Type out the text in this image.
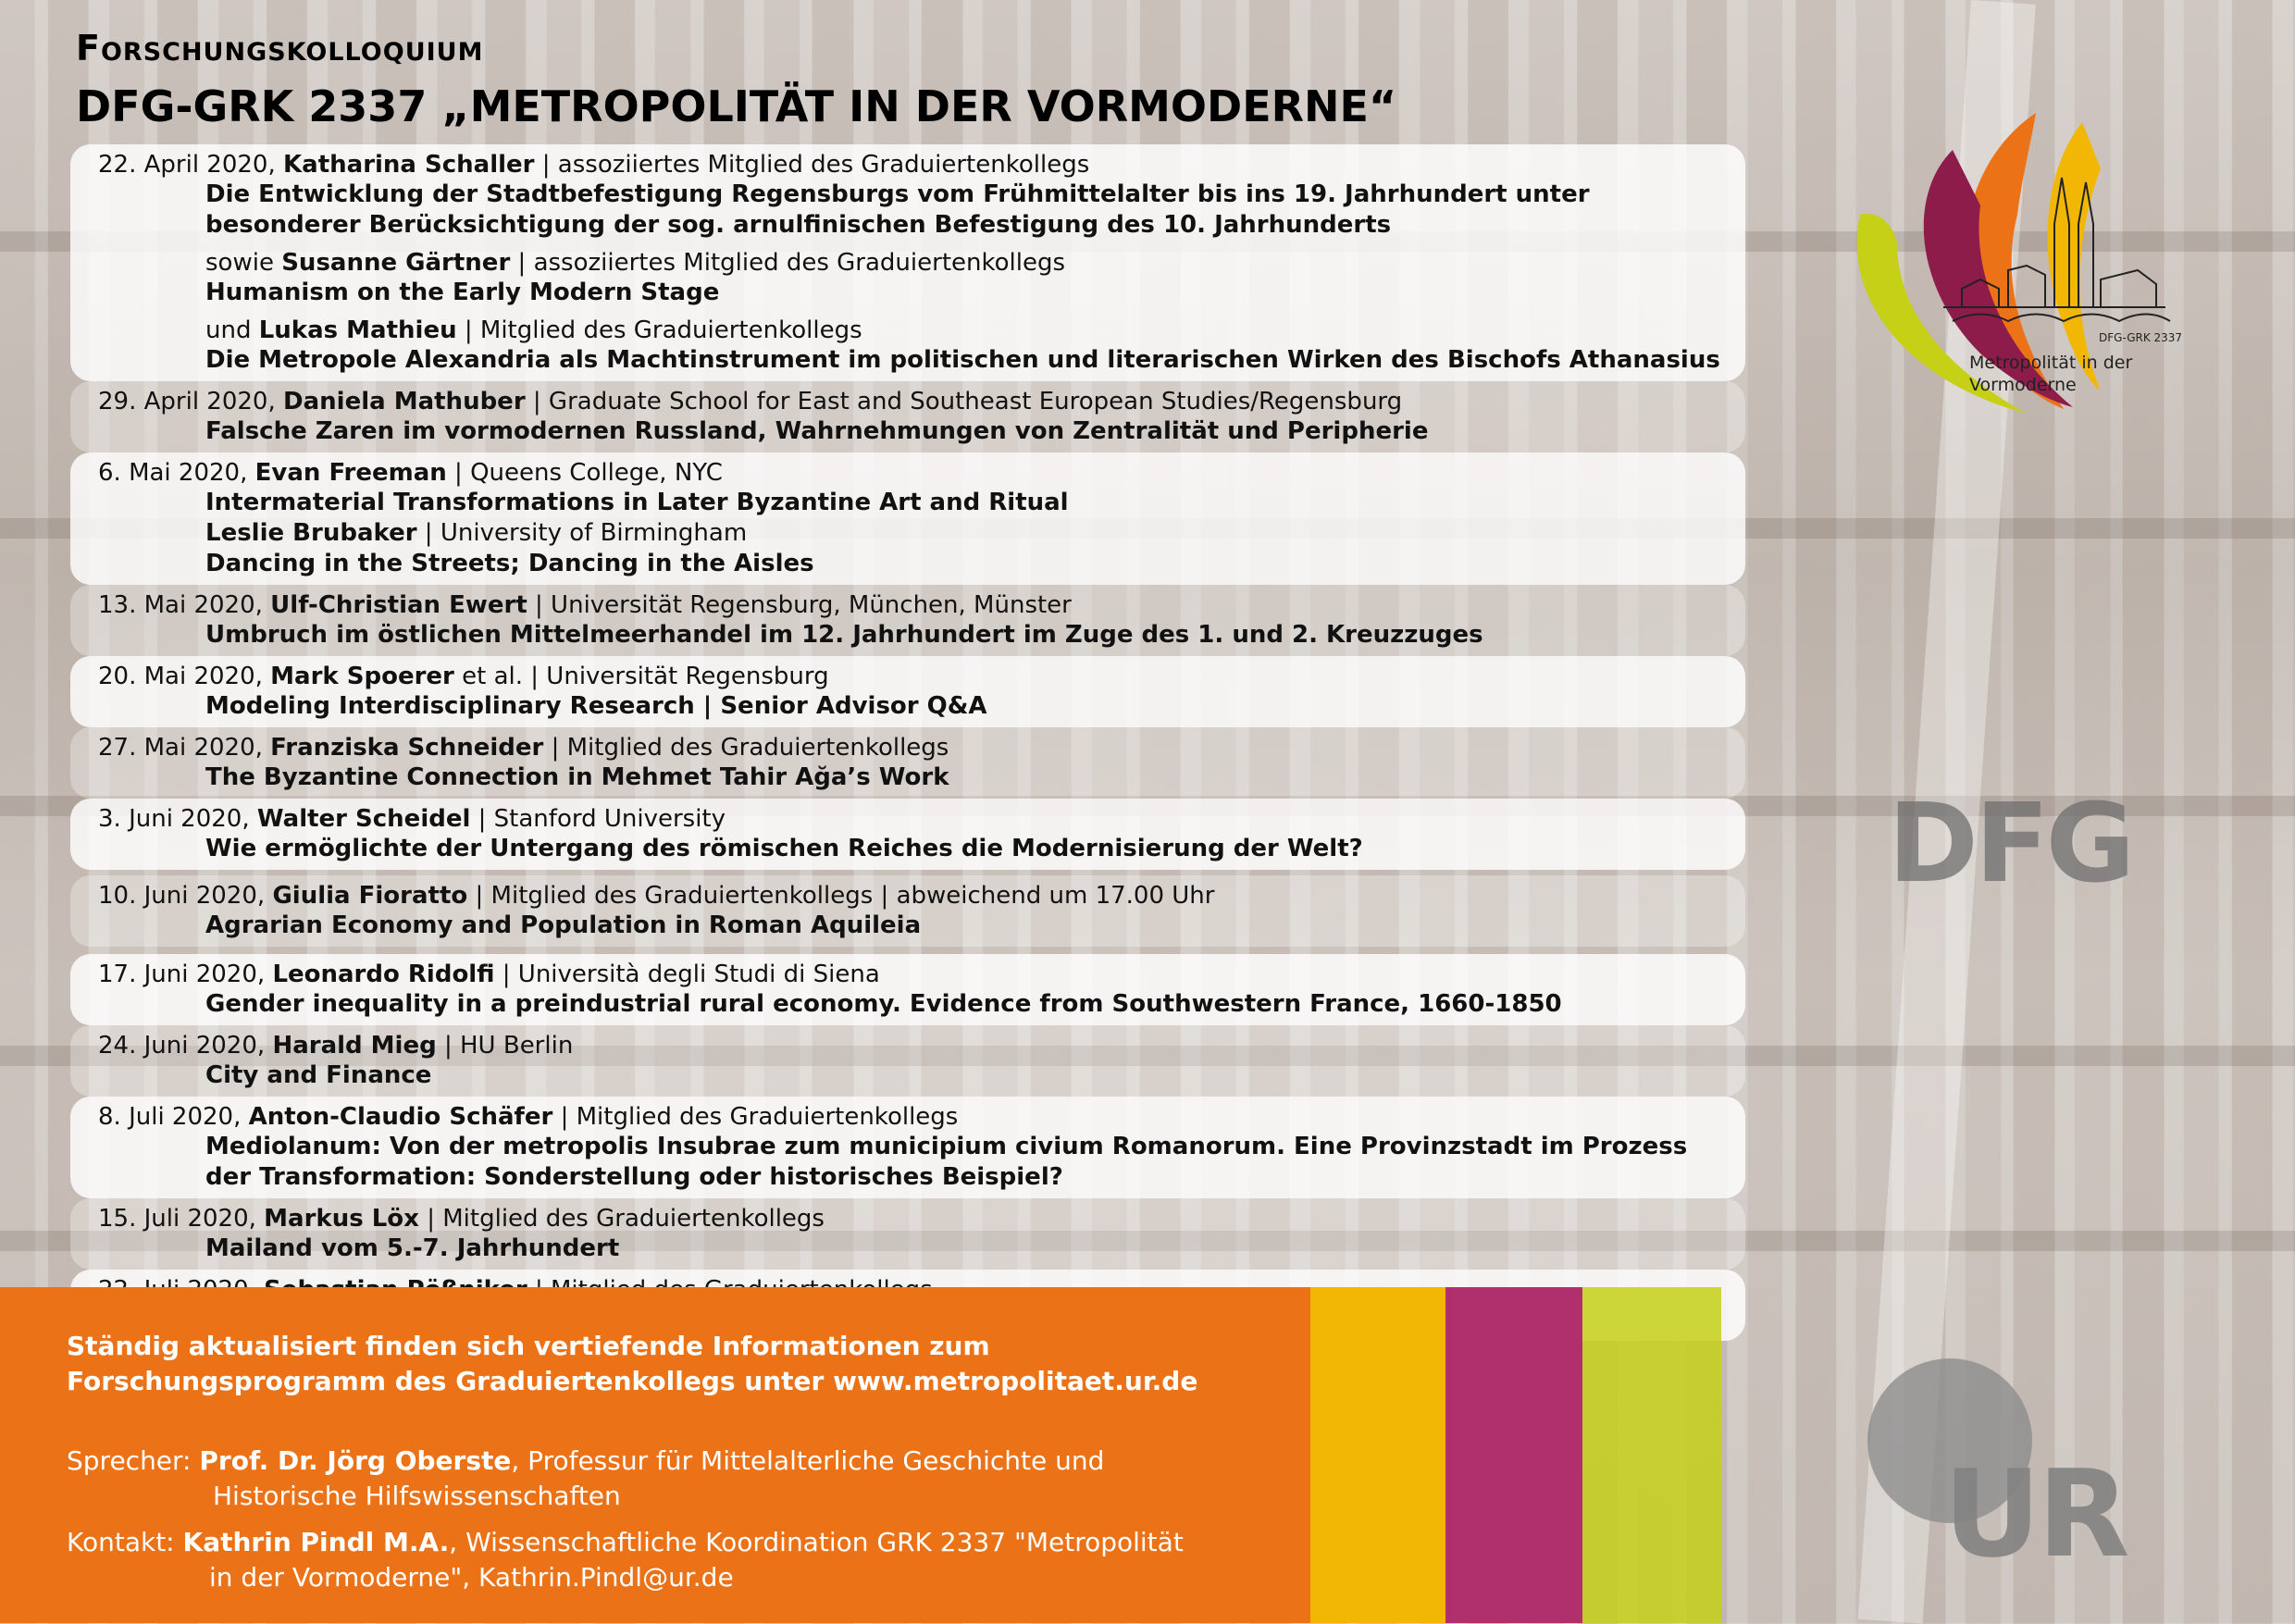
Forschungskolloquium
DFG-GRK 2337 „METROPOLITÄT IN DER VORMODERNE“
22. April 2020, Katharina Schaller | assoziiertes Mitglied des Graduiertenkollegs
Die Entwicklung der Stadtbefestigung Regensburgs vom Frühmittelalter bis ins 19. Jahrhundert unter
besonderer Berücksichtigung der sog. arnulfinischen Befestigung des 10. Jahrhunderts
sowie Susanne Gärtner | assoziiertes Mitglied des Graduiertenkollegs
Humanism on the Early Modern Stage
und Lukas Mathieu | Mitglied des Graduiertenkollegs
Die Metropole Alexandria als Machtinstrument im politischen und literarischen Wirken des Bischofs Athanasius
29. April 2020, Daniela Mathuber | Graduate School for East and Southeast European Studies/Regensburg
Falsche Zaren im vormodernen Russland, Wahrnehmungen von Zentralität und Peripherie
6. Mai 2020, Evan Freeman | Queens College, NYC
Intermaterial Transformations in Later Byzantine Art and Ritual
Leslie Brubaker | University of Birmingham
Dancing in the Streets; Dancing in the Aisles
13. Mai 2020, Ulf-Christian Ewert | Universität Regensburg, München, Münster
Umbruch im östlichen Mittelmeerhandel im 12. Jahrhundert im Zuge des 1. und 2. Kreuzzuges
20. Mai 2020, Mark Spoerer et al. | Universität Regensburg
Modeling Interdisciplinary Research | Senior Advisor Q&A
27. Mai 2020, Franziska Schneider | Mitglied des Graduiertenkollegs
The Byzantine Connection in Mehmet Tahir Ağa’s Work
3. Juni 2020, Walter Scheidel | Stanford University
Wie ermöglichte der Untergang des römischen Reiches die Modernisierung der Welt?
10. Juni 2020, Giulia Fioratto | Mitglied des Graduiertenkollegs | abweichend um 17.00 Uhr
Agrarian Economy and Population in Roman Aquileia
17. Juni 2020, Leonardo Ridolfi | Università degli Studi di Siena
Gender inequality in a preindustrial rural economy. Evidence from Southwestern France, 1660-1850
24. Juni 2020, Harald Mieg | HU Berlin
City and Finance
8. Juli 2020, Anton-Claudio Schäfer | Mitglied des Graduiertenkollegs
Mediolanum: Von der metropolis Insubrae zum municipium civium Romanorum. Eine Provinzstadt im Prozess
der Transformation: Sonderstellung oder historisches Beispiel?
15. Juli 2020, Markus Löx | Mitglied des Graduiertenkollegs
Mailand vom 5.-7. Jahrhundert
DFG-GRK 2337
Metropolität in der
Vormoderne
DFG
Ständig aktualisiert finden sich vertiefende Informationen zum
Forschungsprogramm des Graduiertenkollegs unter www.metropolitaet.ur.de
Sprecher: Prof. Dr. Jörg Oberste, Professur für Mittelalterliche Geschichte und
Historische Hilfswissenschaften
Kontakt: Kathrin Pindl M.A., Wissenschaftliche Koordination GRK 2337 "Metropolität
in der Vormoderne", Kathrin.Pindl@ur.de	UR
